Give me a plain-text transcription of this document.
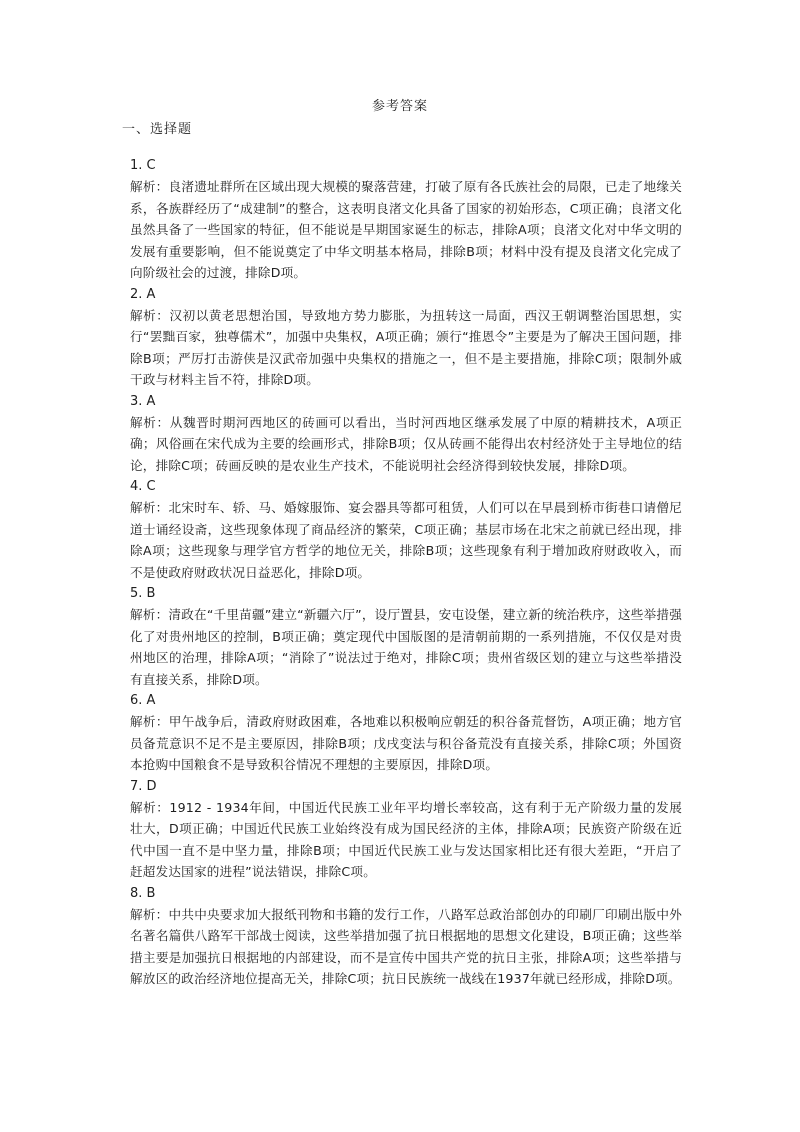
参考答案
一、选择题
1. C

解析：良渚遗址群所在区域出现大规模的聚落营建，打破了原有各氏族社会的局限，已走了地缘关系，各族群经历了“成建制”的整合，这表明良渚文化具备了国家的初始形态，C项正确；良渚文化虽然具备了一些国家的特征，但不能说是早期国家诞生的标志，排除A项；良渚文化对中华文明的发展有重要影响，但不能说奠定了中华文明基本格局，排除B项；材料中没有提及良渚文化完成了向阶级社会的过渡，排除D项。

2. A

解析：汉初以黄老思想治国，导致地方势力膨胀，为扭转这一局面，西汉王朝调整治国思想，实行“罢黜百家，独尊儒术”，加强中央集权，A项正确；颁行“推恩令”主要是为了解决王国问题，排除B项；严厉打击游侠是汉武帝加强中央集权的措施之一，但不是主要措施，排除C项；限制外戚干政与材料主旨不符，排除D项。

3. A

解析：从魏晋时期河西地区的砖画可以看出，当时河西地区继承发展了中原的精耕技术，A项正确；风俗画在宋代成为主要的绘画形式，排除B项；仅从砖画不能得出农村经济处于主导地位的结论，排除C项；砖画反映的是农业生产技术，不能说明社会经济得到较快发展，排除D项。

4. C

解析：北宋时车、轿、马、婚嫁服饰、宴会器具等都可租赁，人们可以在早晨到桥市街巷口请僧尼道士诵经设斋，这些现象体现了商品经济的繁荣，C项正确；基层市场在北宋之前就已经出现，排除A项；这些现象与理学官方哲学的地位无关，排除B项；这些现象有利于增加政府财政收入，而不是使政府财政状况日益恶化，排除D项。

5. B

解析：清政在“千里苗疆”建立“新疆六厅”，设厅置县，安屯设堡，建立新的统治秩序，这些举措强化了对贵州地区的控制，B项正确；奠定现代中国版图的是清朝前期的一系列措施，不仅仅是对贵州地区的治理，排除A项；“消除了”说法过于绝对，排除C项；贵州省级区划的建立与这些举措没有直接关系，排除D项。

6. A

解析：甲午战争后，清政府财政困难，各地难以积极响应朝廷的积谷备荒督饬，A项正确；地方官员备荒意识不足不是主要原因，排除B项；戊戌变法与积谷备荒没有直接关系，排除C项；外国资本抢购中国粮食不是导致积谷情况不理想的主要原因，排除D项。

7. D

解析：1912 - 1934年间，中国近代民族工业年平均增长率较高，这有利于无产阶级力量的发展壮大，D项正确；中国近代民族工业始终没有成为国民经济的主体，排除A项；民族资产阶级在近代中国一直不是中坚力量，排除B项；中国近代民族工业与发达国家相比还有很大差距，“开启了赶超发达国家的进程”说法错误，排除C项。

8. B

解析：中共中央要求加大报纸刊物和书籍的发行工作，八路军总政治部创办的印刷厂印刷出版中外名著名篇供八路军干部战士阅读，这些举措加强了抗日根据地的思想文化建设，B项正确；这些举措主要是加强抗日根据地的内部建设，而不是宣传中国共产党的抗日主张，排除A项；这些举措与解放区的政治经济地位提高无关，排除C项；抗日民族统一战线在1937年就已经形成，排除D项。
